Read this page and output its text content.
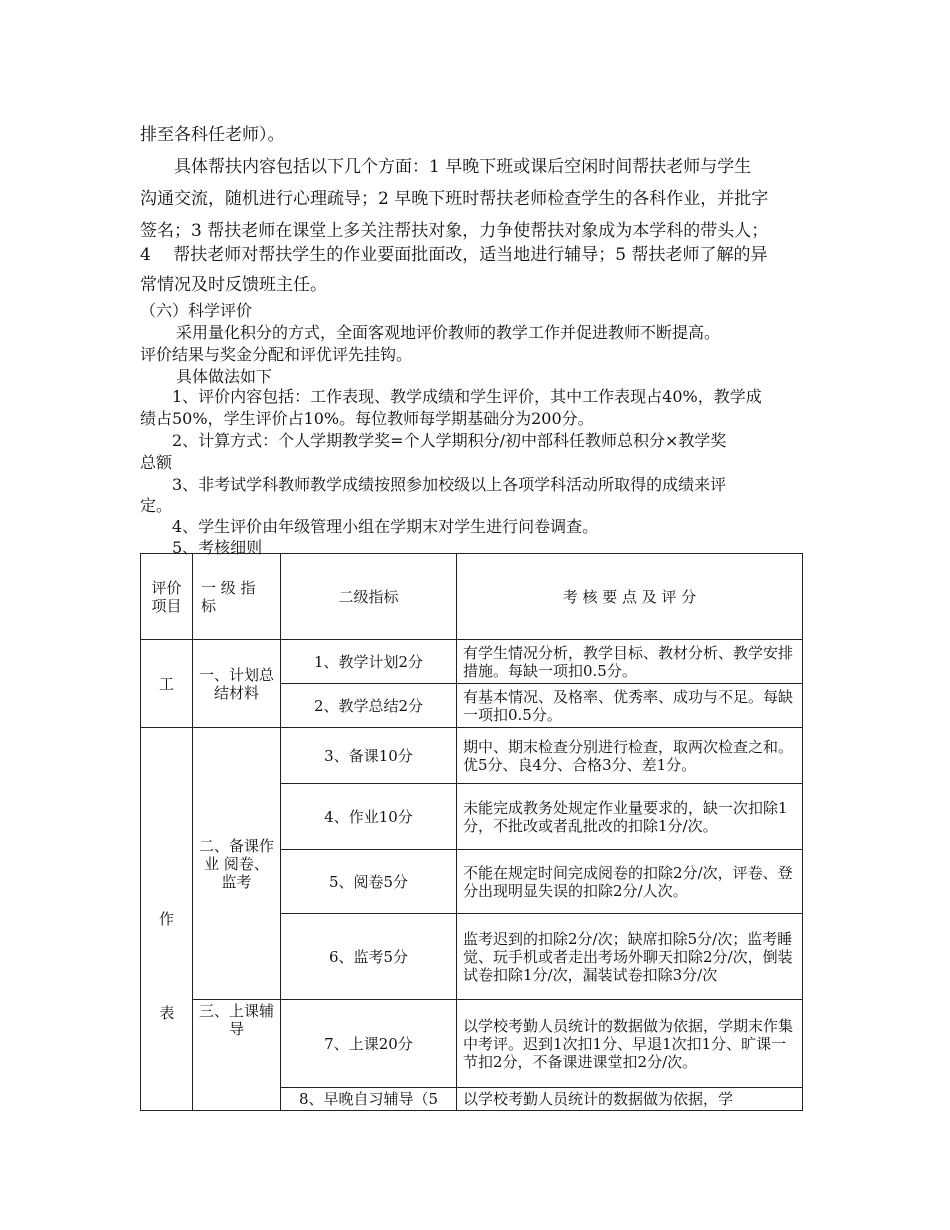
排至各科任老师）。
具体帮扶内容包括以下几个方面：1 早晚下班或课后空闲时间帮扶老师与学生
沟通交流，随机进行心理疏导；2 早晚下班时帮扶老师检查学生的各科作业，并批字
签名；3 帮扶老师在课堂上多关注帮扶对象，力争使帮扶对象成为本学科的带头人；
4　 帮扶老师对帮扶学生的作业要面批面改，适当地进行辅导；5 帮扶老师了解的异
常情况及时反馈班主任。
（六）科学评价
采用量化积分的方式，全面客观地评价教师的教学工作并促进教师不断提高。
评价结果与奖金分配和评优评先挂钩。
具体做法如下
1、评价内容包括：工作表现、教学成绩和学生评价，其中工作表现占40%，教学成
绩占50%，学生评价占10%。每位教师每学期基础分为200分。
2、计算方式：个人学期教学奖=个人学期积分/初中部科任教师总积分×教学奖
总额
3、非考试学科教师教学成绩按照参加校级以上各项学科活动所取得的成绩来评
定。
4、学生评价由年级管理小组在学期末对学生进行问卷调查。
5、考核细则
评价项目	一 级 指 标	二级指标	考 核 要 点 及 评 分
工	一、计划总结材料	1、教学计划2分	有学生情况分析，教学目标、教材分析、教学安排措施。每缺一项扣0.5分。
		2、教学总结2分	有基本情况、及格率、优秀率、成功与不足。每缺一项扣0.5分。
作	二、备课作业 阅卷、监考	3、备课10分	期中、期末检查分别进行检查，取两次检查之和。优5分、良4分、合格3分、差1分。
		4、作业10分	未能完成教务处规定作业量要求的，缺一次扣除1分，不批改或者乱批改的扣除1分/次。
		5、阅卷5分	不能在规定时间完成阅卷的扣除2分/次，评卷、登分出现明显失误的扣除2分/人次。
		6、监考5分	监考迟到的扣除2分/次；缺席扣除5分/次；监考睡觉、玩手机或者走出考场外聊天扣除2分/次，倒装试卷扣除1分/次，漏装试卷扣除3分/次
	三、上课辅导	7、上课20分	以学校考勤人员统计的数据做为依据，学期末作集中考评。迟到1次扣1分、早退1次扣1分、旷课一节扣2分，不备课进课堂扣2分/次。
		8、早晚自习辅导（5	以学校考勤人员统计的数据做为依据，学
表
